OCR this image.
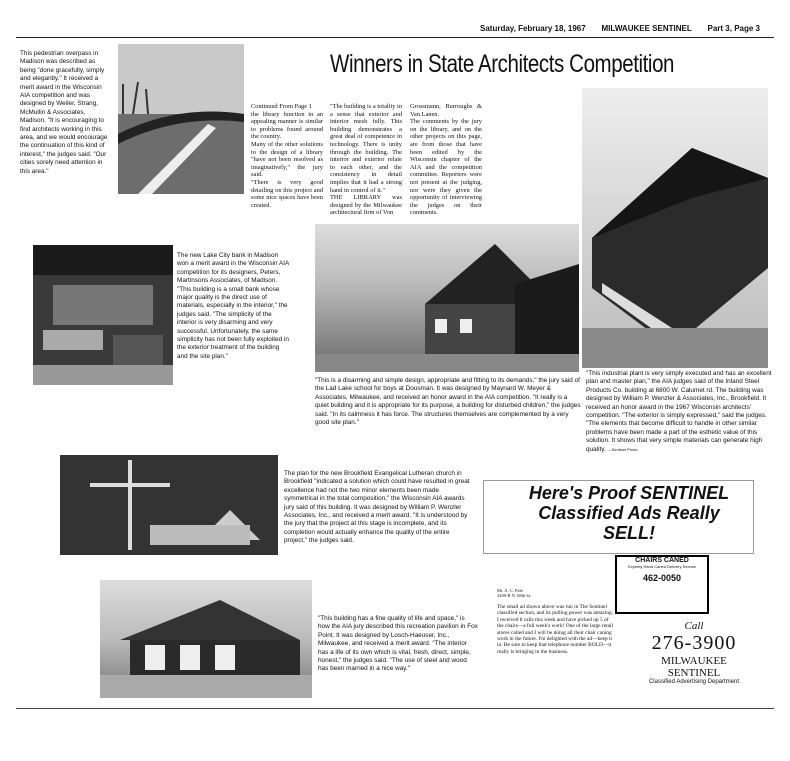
Saturday, February 18, 1967 MILWAUKEE SENTINEL Part 3, Page 3
Winners in State Architects Competition
This pedestrian overpass in Madison was described as being "done gracefully, simply and elegantly." It received a merit award in the Wisconsin AIA competition and was designed by Weiler, Strang, McMullin & Associates, Madison. "It is encouraging to find architects working in this area, and we would encourage the continuation of this kind of interest," the judges said. "Our cities sorely need attention in this area."
Continued From Page 1
the library function in an appealing manner is similar to problems found around the country.
Many of the other solutions to the design of a library "have not been resolved as imaginatively," the jury said.
"There is very good detailing on this project and some nice spaces have been created.
"The building is a totality in a sense that exterior and interior mesh fully. This building demonstrates a great deal of competence in technology. There is unity through the building. The interior and exterior relate to each other, and the consistency in detail implies that it had a strong hand in control of it."
THE LIBRARY was designed by the Milwaukee architectural firm of Von
Grossmann, Burroughs & Van Lanen.
The comments by the jury on the library, and on the other projects on this page, are from those that have been edited by the Wisconsin chapter of the AIA and the competition committee. Reporters were not present at the judging, nor were they given the opportunity of interviewing the judges on their comments.
The new Lake City bank in Madison won a merit award in the Wisconsin AIA competition for its designers, Peters, Martinsons Associates, of Madison. "This building is a small bank whose major quality is the direct use of materials, especially in the interior," the judges said. "The simplicity of the interior is very disarming and very successful. Unfortunately, the same simplicity has not been fully exploited in the exterior treatment of the building and the site plan."
"This is a disarming and simple design, appropriate and fitting to its demands," the jury said of the Lad Lake school for boys at Dousman. It was designed by Maynard W. Meyer & Associates, Milwaukee, and received an honor award in the AIA competition. "It really is a quiet building and it is appropriate for its purpose, a building for disturbed children," the judges said. "In its calmness it has force. The structures themselves are complemented by a very good site plan."
"This industrial plant is very simply executed and has an excellent plan and master plan," the AIA judges said of the Inland Steel Products Co. building at 6800 W. Calumet rd. The building was designed by William P. Wenzler & Associates, Inc., Brookfield. It received an honor award in the 1967 Wisconsin architects' competition. "The exterior is simply expressed," said the judges. "The elements that become difficult to handle in other similar problems have been made a part of the esthetic value of this solution. It shows that very simple materials can generate high quality. —Sentinel Photo
The plan for the new Brookfield Evangelical Lutheran church in Brookfield "indicated a solution which could have resulted in great excellence had not the two minor elements been made symmetrical in the total composition," the Wisconsin AIA awards jury said of this building. It was designed by William P. Wenzler Associates, Inc., and received a merit award. "It is understood by the jury that the project at this stage is incomplete, and its completion would actually enhance the quality of the entire project," the judges said.
"This building has a fine quality of life and space," is how the AIA jury described this recreation pavilion in Fox Point. It was designed by Losch-Haeuser, Inc., Milwaukee, and received a merit award. "The interior has a life of its own which is vital, fresh, direct, simple, honest," the judges said. "The use of steel and wood has been married in a nice way."
Here's Proof SENTINEL Classified Ads Really SELL!
CHAIRS CANED
Expertly Hand Caned Delivery Service
462-0050
Mr. A. C. Pale
3200-B N. 68th St.
The small ad shown above was run in The Sentinel classified section, and its pulling power was amazing. I received 8 calls this week and have picked up 5 of the chairs—a full week's work! One of the large retail stores called and I will be doing all their chair caning work in the future. I'm delighted with the ad—keep it in. Be sure to keep that telephone number BOLD—it really is bringing in the business.
Call
276-3900
MILWAUKEE
SENTINEL
Classified Advertising Department
